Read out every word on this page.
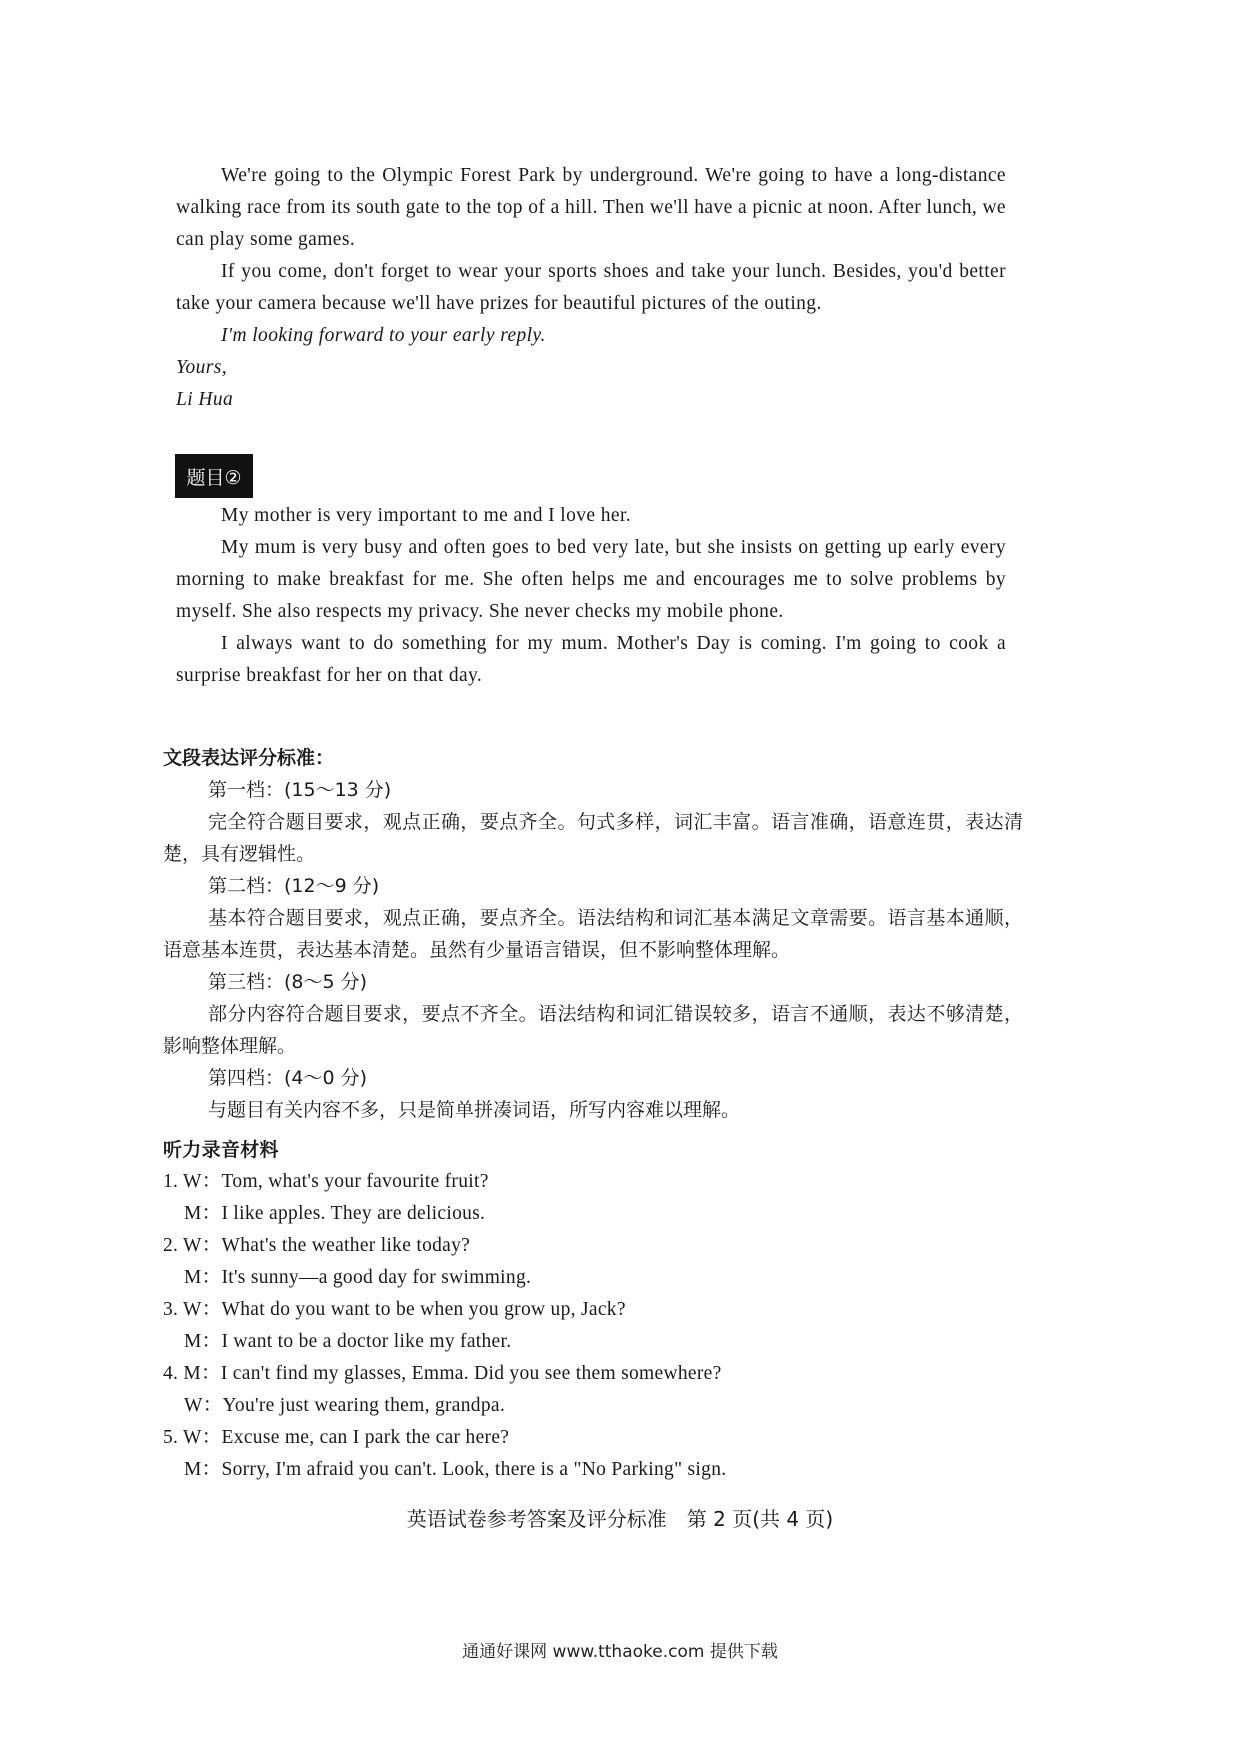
We're going to the Olympic Forest Park by underground. We're going to have a long-distance walking race from its south gate to the top of a hill. Then we'll have a picnic at noon. After lunch, we can play some games.

If you come, don't forget to wear your sports shoes and take your lunch. Besides, you'd better take your camera because we'll have prizes for beautiful pictures of the outing.

I'm looking forward to your early reply.

Yours,

Li Hua

题目②

My mother is very important to me and I love her.

My mum is very busy and often goes to bed very late, but she insists on getting up early every morning to make breakfast for me. She often helps me and encourages me to solve problems by myself. She also respects my privacy. She never checks my mobile phone.

I always want to do something for my mum. Mother's Day is coming. I'm going to cook a surprise breakfast for her on that day.

文段表达评分标准：

第一档：(15～13 分)

完全符合题目要求，观点正确，要点齐全。句式多样，词汇丰富。语言准确，语意连贯，表达清楚，具有逻辑性。

第二档：(12～9 分)

基本符合题目要求，观点正确，要点齐全。语法结构和词汇基本满足文章需要。语言基本通顺，语意基本连贯，表达基本清楚。虽然有少量语言错误，但不影响整体理解。

第三档：(8～5 分)

部分内容符合题目要求，要点不齐全。语法结构和词汇错误较多，语言不通顺，表达不够清楚，影响整体理解。

第四档：(4～0 分)

与题目有关内容不多，只是简单拼凑词语，所写内容难以理解。

听力录音材料

1. W：Tom, what's your favourite fruit?

M：I like apples. They are delicious.

2. W：What's the weather like today?

M：It's sunny—a good day for swimming.

3. W：What do you want to be when you grow up, Jack?

M：I want to be a doctor like my father.

4. M：I can't find my glasses, Emma. Did you see them somewhere?

W：You're just wearing them, grandpa.

5. W：Excuse me, can I park the car here?

M：Sorry, I'm afraid you can't. Look, there is a "No Parking" sign.

英语试卷参考答案及评分标准　第 2 页(共 4 页)
通通好课网 www.tthaoke.com 提供下载
